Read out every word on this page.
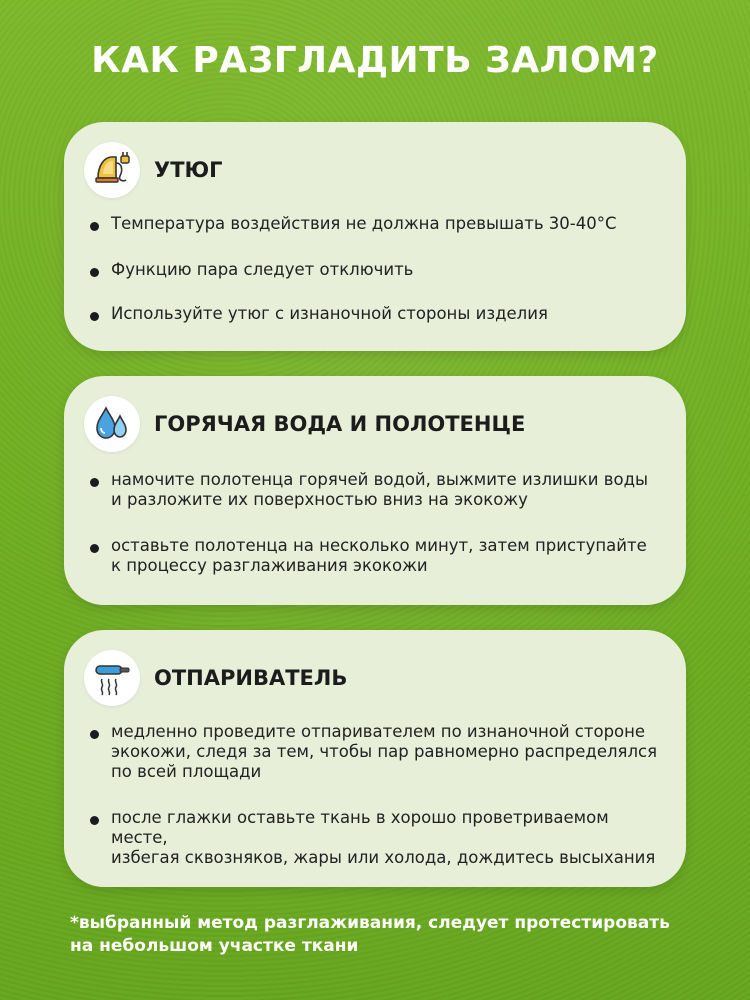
КАК РАЗГЛАДИТЬ ЗАЛОМ?
УТЮГ
Температура воздействия не должна превышать 30-40°С
Функцию пара следует отключить
Используйте утюг с изнаночной стороны изделия
ГОРЯЧАЯ ВОДА И ПОЛОТЕНЦЕ
намочите полотенца горячей водой, выжмите излишки воды
и разложите их поверхностью вниз на экокожу
оставьте полотенца на несколько минут, затем приступайте
к процессу разглаживания экокожи
ОТПАРИВАТЕЛЬ
медленно проведите отпаривателем по изнаночной стороне
экокожи, следя за тем, чтобы пар равномерно распределялся
по всей площади
после глажки оставьте ткань в хорошо проветриваемом месте,
избегая сквозняков, жары или холода, дождитесь высыхания
*выбранный метод разглаживания, следует протестировать
на небольшом участке ткани
